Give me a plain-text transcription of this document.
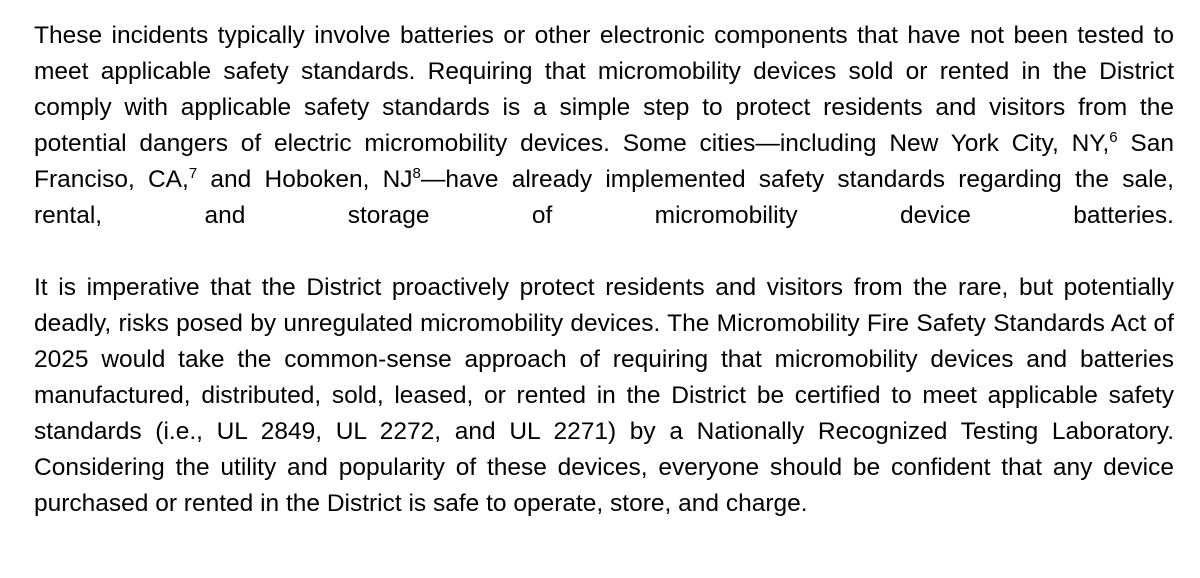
These incidents typically involve batteries or other electronic components that have not been tested to meet applicable safety standards. Requiring that micromobility devices sold or rented in the District comply with applicable safety standards is a simple step to protect residents and visitors from the potential dangers of electric micromobility devices. Some cities—including New York City, NY,$^6$ San Franciso, CA,$^7$ and Hoboken, $NJ^8—have$ already implemented safety standards regarding the sale, rental, and storage of micromobility device batteries.

It is imperative that the District proactively protect residents and visitors from the rare, but potentially deadly, risks posed by unregulated micromobility devices. The Micromobility Fire Safety Standards Act of 2025 would take the common-sense approach of requiring that micromobility devices and batteries manufactured, distributed, sold, leased, or rented in the District be certified to meet applicable safety standards (i.e., UL 2849, UL 2272, and UL 2271) by a Nationally Recognized Testing Laboratory. Considering the utility and popularity of these devices, everyone should be confident that any device purchased or rented in the District is safe to operate, store, and charge.
